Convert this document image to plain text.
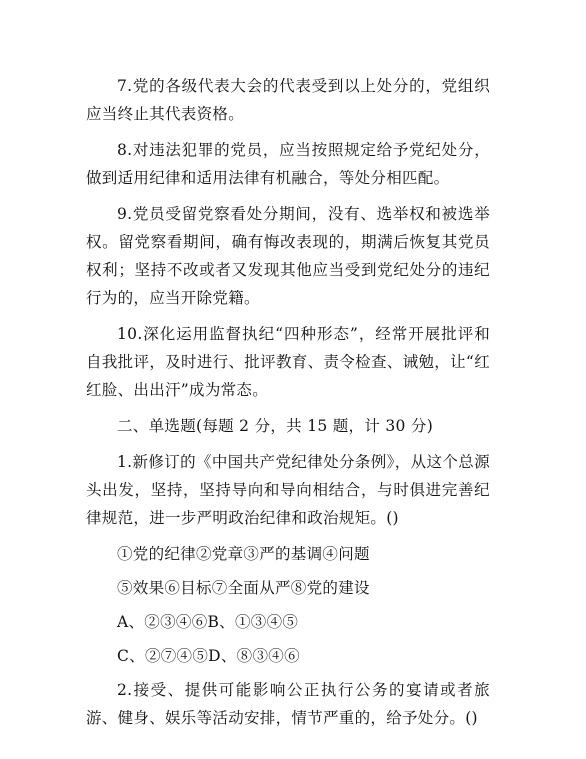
7.党的各级代表大会的代表受到以上处分的，党组织应当终止其代表资格。

8.对违法犯罪的党员，应当按照规定给予党纪处分，做到适用纪律和适用法律有机融合，等处分相匹配。

9.党员受留党察看处分期间，没有、选举权和被选举权。留党察看期间，确有悔改表现的，期满后恢复其党员权利；坚持不改或者又发现其他应当受到党纪处分的违纪行为的，应当开除党籍。

10.深化运用监督执纪“四种形态”，经常开展批评和自我批评，及时进行、批评教育、责令检查、诫勉，让“红红脸、出出汗”成为常态。

二、单选题(每题 2 分，共 15 题，计 30 分)

1.新修订的《中国共产党纪律处分条例》，从这个总源头出发，坚持，坚持导向和导向相结合，与时俱进完善纪律规范，进一步严明政治纪律和政治规矩。()

①党的纪律②党章③严的基调④问题

⑤效果⑥目标⑦全面从严⑧党的建设

A、②③④⑥B、①③④⑤

C、②⑦④⑤D、⑧③④⑥

2.接受、提供可能影响公正执行公务的宴请或者旅游、健身、娱乐等活动安排，情节严重的，给予处分。()
